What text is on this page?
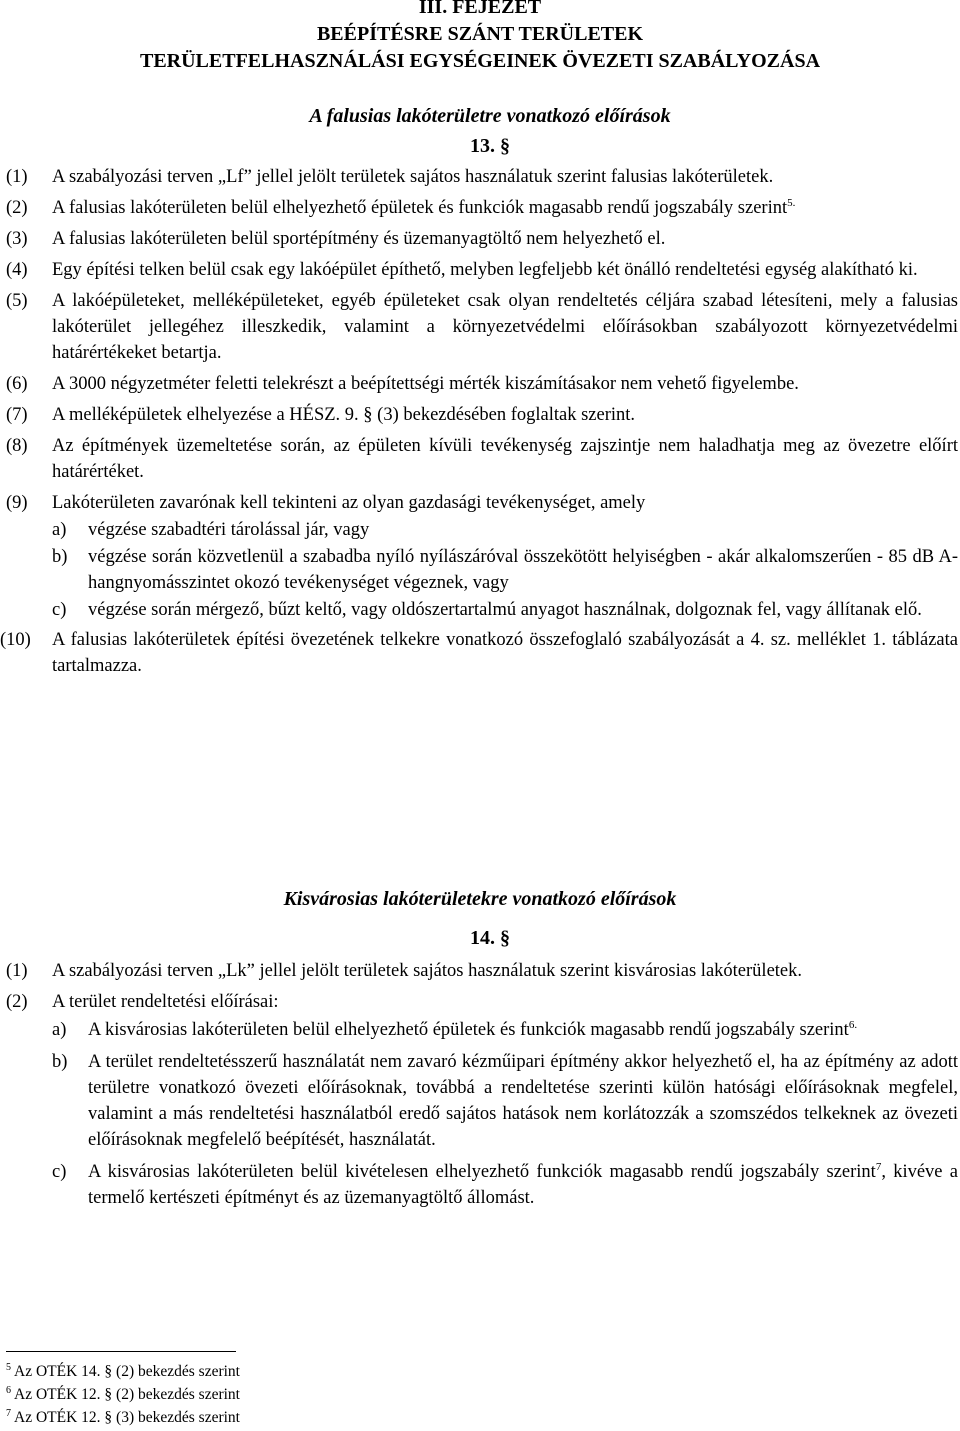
III. FEJEZET
BEÉPÍTÉSRE SZÁNT TERÜLETEK
TERÜLETFELHASZNÁLÁSI EGYSÉGEINEK ÖVEZETI SZABÁLYOZÁSA
A falusias lakóterületre vonatkozó előírások
13. §
(1) A szabályozási terven „Lf” jellel jelölt területek sajátos használatuk szerint falusias lakóterületek.
(2) A falusias lakóterületen belül elhelyezhető épületek és funkciók magasabb rendű jogszabály szerint$^{5.}$
(3) A falusias lakóterületen belül sportépítmény és üzemanyagtöltő nem helyezhető el.
(4) Egy építési telken belül csak egy lakóépület építhető, melyben legfeljebb két önálló rendeltetési egység alakítható ki.
(5) A lakóépületeket, melléképületeket, egyéb épületeket csak olyan rendeltetés céljára szabad létesíteni, mely a falusias lakóterület jellegéhez illeszkedik, valamint a környezetvédelmi előírásokban szabályozott környezetvédelmi határértékeket betartja.
(6) A 3000 négyzetméter feletti telekrészt a beépítettségi mérték kiszámításakor nem vehető figyelembe.
(7) A melléképületek elhelyezése a HÉSZ. 9. § (3) bekezdésében foglaltak szerint.
(8) Az építmények üzemeltetése során, az épületen kívüli tevékenység zajszintje nem haladhatja meg az övezetre előírt határértéket.
(9) Lakóterületen zavarónak kell tekinteni az olyan gazdasági tevékenységet, amely
a) végzése szabadtéri tárolással jár, vagy
b) végzése során közvetlenül a szabadba nyíló nyílászáróval összekötött helyiségben - akár alkalomszerűen - 85 dB A-hangnyomásszintet okozó tevékenységet végeznek, vagy
c) végzése során mérgező, bűzt keltő, vagy oldószertartalmú anyagot használnak, dolgoznak fel, vagy állítanak elő.
(10) A falusias lakóterületek építési övezetének telkekre vonatkozó összefoglaló szabályozását a 4. sz. melléklet 1. táblázata tartalmazza.
Kisvárosias lakóterületekre vonatkozó előírások
14. §
(1) A szabályozási terven „Lk” jellel jelölt területek sajátos használatuk szerint kisvárosias lakóterületek.
(2) A terület rendeltetési előírásai:
a) A kisvárosias lakóterületen belül elhelyezhető épületek és funkciók magasabb rendű jogszabály szerint$^{6.}$
b) A terület rendeltetésszerű használatát nem zavaró kézműipari építmény akkor helyezhető el, ha az építmény az adott területre vonatkozó övezeti előírásoknak, továbbá a rendeltetése szerinti külön hatósági előírásoknak megfelel, valamint a más rendeltetési használatból eredő sajátos hatások nem korlátozzák a szomszédos telkeknek az övezeti előírásoknak megfelelő beépítését, használatát.
c) A kisvárosias lakóterületen belül kivételesen elhelyezhető funkciók magasabb rendű jogszabály szerint$^7$, kivéve a termelő kertészeti építményt és az üzemanyagtöltő állomást.
$^5$ Az OTÉK 14. § (2) bekezdés szerint
$^6$ Az OTÉK 12. § (2) bekezdés szerint
$^7$ Az OTÉK 12. § (3) bekezdés szerint
